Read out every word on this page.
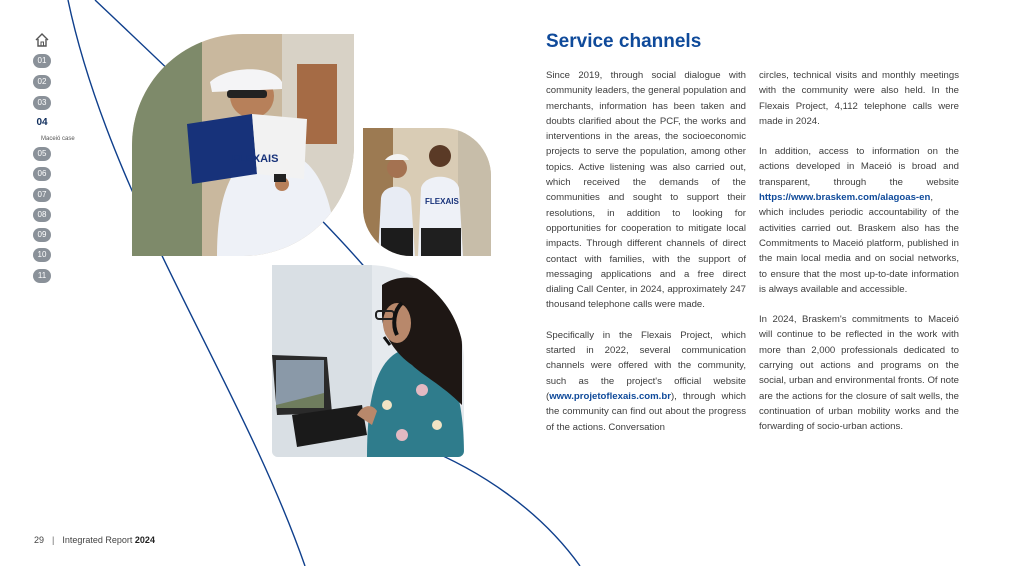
01
02
03
04
Maceió case
05
06
07
08
09
10
11
FLEXAIS
FLEXAIS
Service channels

Since 2019, through social dialogue with community leaders, the general population and merchants, information has been taken and doubts clarified about the PCF, the works and interventions in the areas, the socioeconomic projects to serve the population, among other topics. Active listening was also carried out, which received the demands of the communities and sought to support their resolutions, in addition to looking for opportunities for cooperation to mitigate local impacts. Through different channels of direct contact with families, with the support of messaging applications and a free direct dialing Call Center, in 2024, approximately 247 thousand telephone calls were made.

Specifically in the Flexais Project, which started in 2022, several communication channels were offered with the community, such as the project's official website (www.projetoflexais.com.br), through which the community can find out about the progress of the actions. Conversation

circles, technical visits and monthly meetings with the community were also held. In the Flexais Project, 4,112 telephone calls were made in 2024.

In addition, access to information on the actions developed in Maceió is broad and transparent, through the website https://www.braskem.com/alagoas-en, which includes periodic accountability of the activities carried out. Braskem also has the Commitments to Maceió platform, published in the main local media and on social networks, to ensure that the most up-to-date information is always available and accessible.

In 2024, Braskem's commitments to Maceió will continue to be reflected in the work with more than 2,000 professionals dedicated to carrying out actions and programs on the social, urban and environmental fronts. Of note are the actions for the closure of salt wells, the continuation of urban mobility works and the forwarding of socio-urban actions.

29 | Integrated Report 2024
